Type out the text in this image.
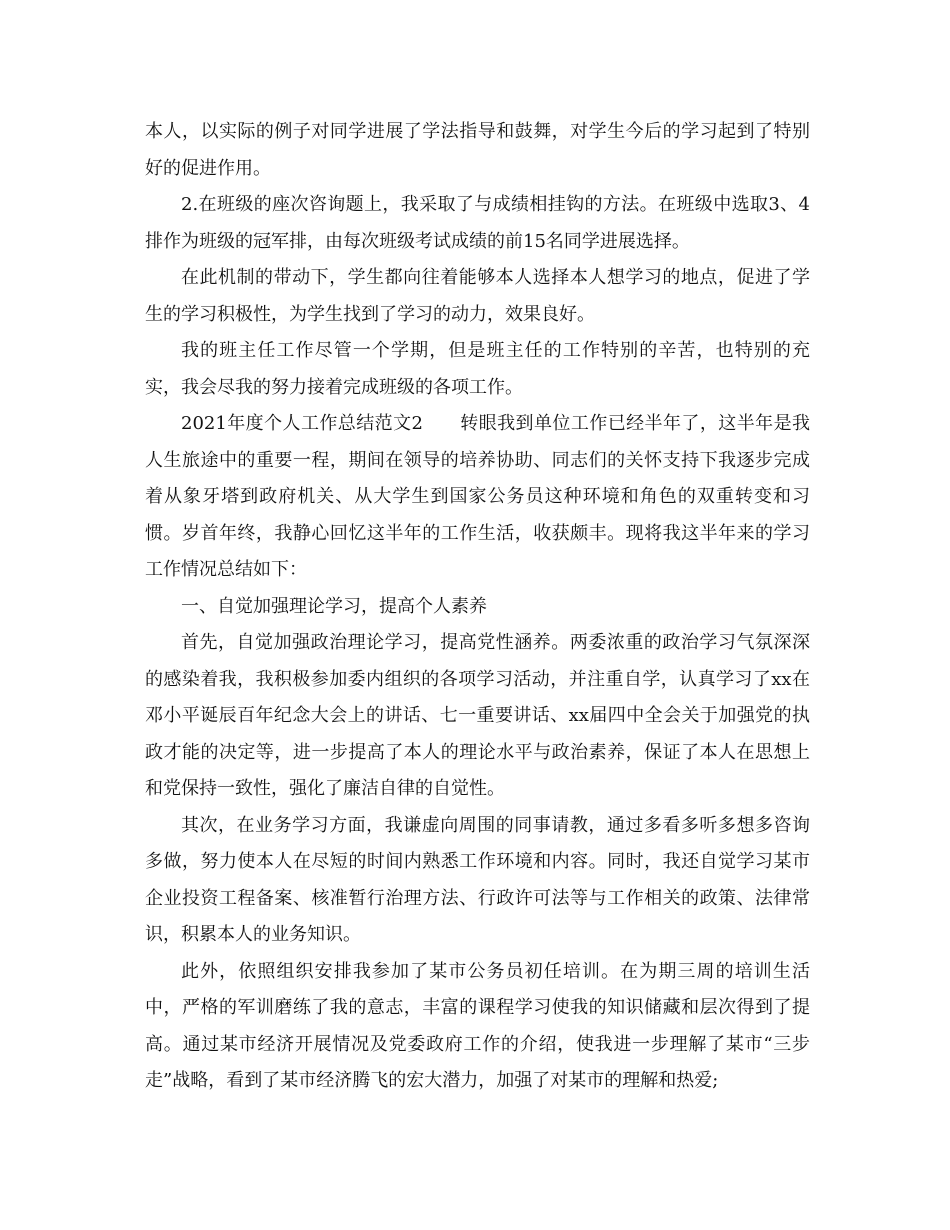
本人，以实际的例子对同学进展了学法指导和鼓舞，对学生今后的学习起到了特别好的促进作用。

2.在班级的座次咨询题上，我采取了与成绩相挂钩的方法。在班级中选取3、4排作为班级的冠军排，由每次班级考试成绩的前15名同学进展选择。

在此机制的带动下，学生都向往着能够本人选择本人想学习的地点，促进了学生的学习积极性，为学生找到了学习的动力，效果良好。

我的班主任工作尽管一个学期，但是班主任的工作特别的辛苦，也特别的充实，我会尽我的努力接着完成班级的各项工作。

2021年度个人工作总结范文2　　转眼我到单位工作已经半年了，这半年是我人生旅途中的重要一程，期间在领导的培养协助、同志们的关怀支持下我逐步完成着从象牙塔到政府机关、从大学生到国家公务员这种环境和角色的双重转变和习惯。岁首年终，我静心回忆这半年的工作生活，收获颇丰。现将我这半年来的学习工作情况总结如下：

一、自觉加强理论学习，提高个人素养

首先，自觉加强政治理论学习，提高党性涵养。两委浓重的政治学习气氛深深的感染着我，我积极参加委内组织的各项学习活动，并注重自学，认真学习了xx在邓小平诞辰百年纪念大会上的讲话、七一重要讲话、xx届四中全会关于加强党的执政才能的决定等，进一步提高了本人的理论水平与政治素养，保证了本人在思想上和党保持一致性，强化了廉洁自律的自觉性。

其次，在业务学习方面，我谦虚向周围的同事请教，通过多看多听多想多咨询多做，努力使本人在尽短的时间内熟悉工作环境和内容。同时，我还自觉学习某市企业投资工程备案、核准暂行治理方法、行政许可法等与工作相关的政策、法律常识，积累本人的业务知识。

此外，依照组织安排我参加了某市公务员初任培训。在为期三周的培训生活中，严格的军训磨练了我的意志，丰富的课程学习使我的知识储藏和层次得到了提高。通过某市经济开展情况及党委政府工作的介绍，使我进一步理解了某市“三步走”战略，看到了某市经济腾飞的宏大潜力，加强了对某市的理解和热爱;
